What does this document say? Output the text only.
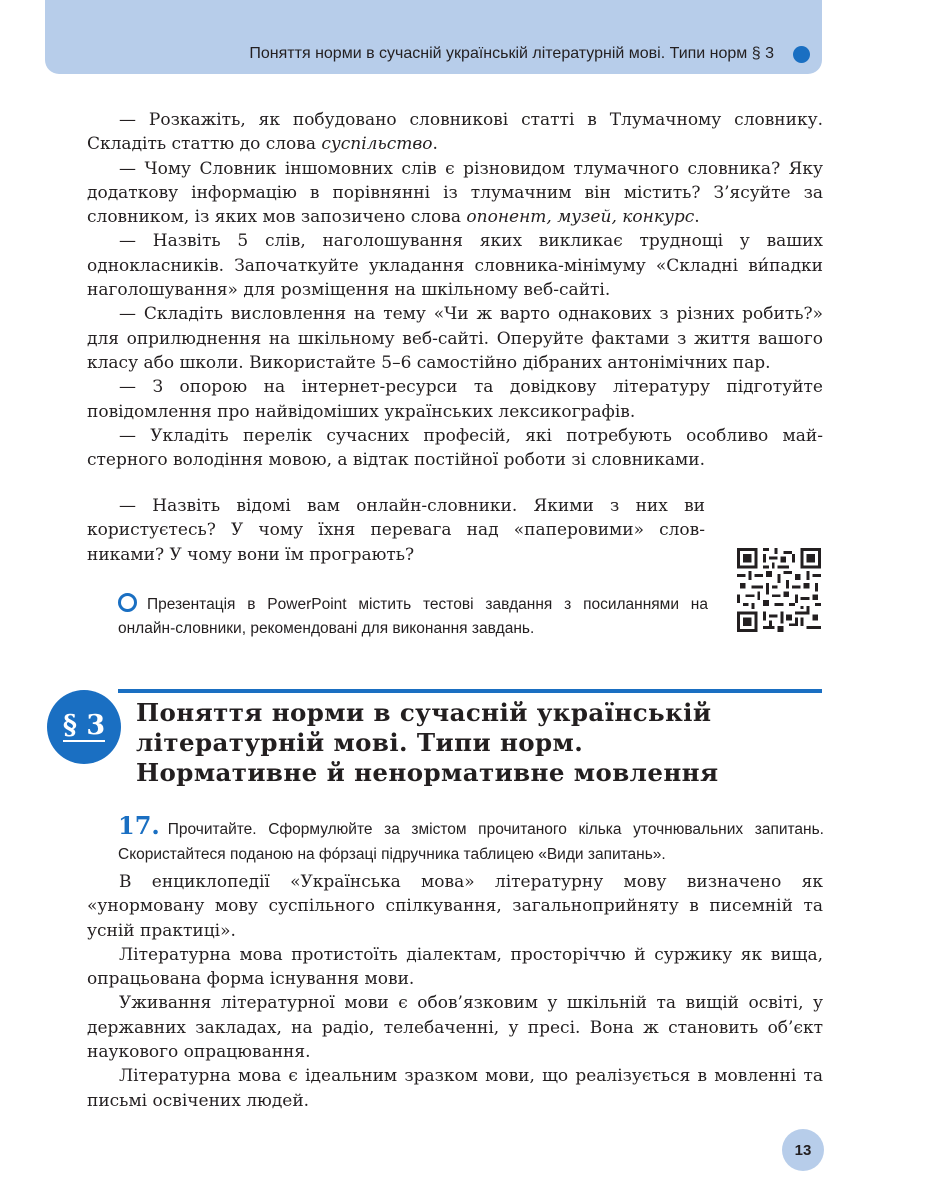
Поняття норми в сучасній українській літературній мові. Типи норм § 3

— Розкажіть, як побудовано словникові статті в Тлумачному словнику. Складіть статтю до слова суспільство.

— Чому Словник іншомовних слів є різновидом тлумачного словника? Яку додаткову інформацію в порівнянні із тлумачним він містить? З’ясуйте за словником, із яких мов запозичено слова опонент, музей, конкурс.

— Назвіть 5 слів, наголошування яких викликає труднощі у ваших однокласників. Започаткуйте укладання словника-мінімуму «Складні ви́падки наголошування» для розміщення на шкільному веб-сайті.

— Складіть висловлення на тему «Чи ж варто однакових з різних робить?» для оприлюднення на шкільному веб-сайті. Оперуйте фактами з життя вашого класу або школи. Використайте 5–6 самостійно дібраних антонімічних пар.

— З опорою на інтернет-ресурси та довідкову літературу підготуйте повідомлення про найвідоміших українських лексикографів.

— Укладіть перелік сучасних професій, які потребують особливо майстерного володіння мовою, а відтак постійної роботи зі словниками.

— Назвіть відомі вам онлайн-словники. Якими з них ви користуєтесь? У чому їхня перевага над «паперовими» словниками? У чому вони їм програють?

Презентація в PowerPoint містить тестові завдання з посиланнями на онлайн-словники, рекомендовані для виконання завдань.
§ 3 Поняття норми в сучасній українській
літературній мові. Типи норм.
Нормативне й ненормативне мовлення
17. Прочитайте. Сформулюйте за змістом прочитаного кілька уточнювальних запитань. Скористайтеся поданою на фо́рзаці підручника таблицею «Види запитань».

В енциклопедії «Українська мова» літературну мову визначено як «унормовану мову суспільного спілкування, загальноприйняту в писемній та усній практиці».

Літературна мова протистоїть діалектам, просторіччю й суржику як вища, опрацьована форма існування мови.

Уживання літературної мови є обов’язковим у шкільній та вищій освіті, у державних закладах, на радіо, телебаченні, у пресі. Вона ж становить об’єкт наукового опрацювання.

Літературна мова є ідеальним зразком мови, що реалізується в мовленні та письмі освічених людей.

13
